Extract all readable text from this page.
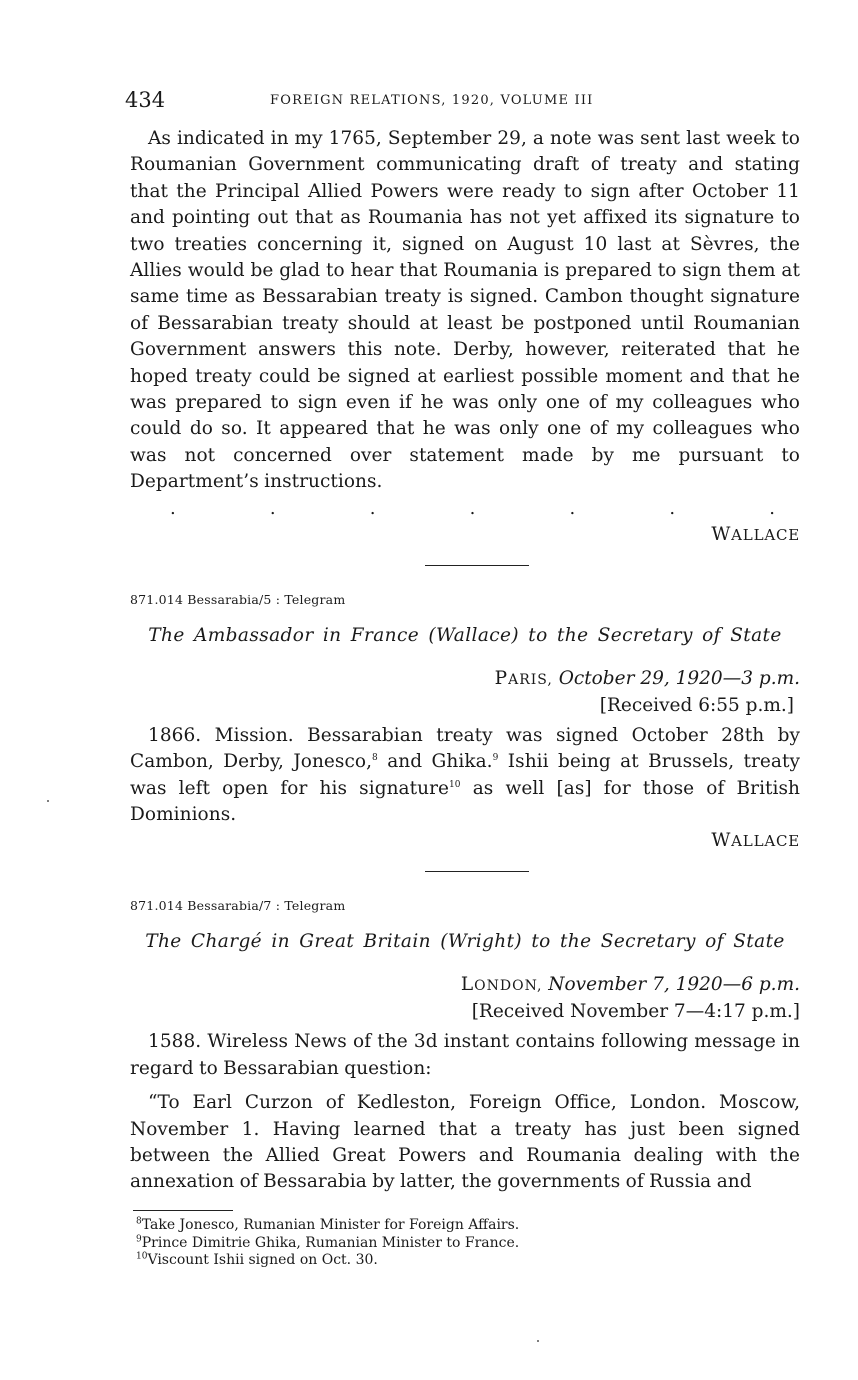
434	FOREIGN RELATIONS, 1920, VOLUME III

As indicated in my 1765, September 29, a note was sent last week to Roumanian Government communicating draft of treaty and stating that the Principal Allied Powers were ready to sign after October 11 and pointing out that as Roumania has not yet affixed its signature to two treaties concerning it, signed on August 10 last at Sèvres, the Allies would be glad to hear that Roumania is prepared to sign them at same time as Bessarabian treaty is signed. Cambon thought signature of Bessarabian treaty should at least be postponed until Roumanian Government answers this note. Derby, however, reiterated that he hoped treaty could be signed at earliest possible moment and that he was prepared to sign even if he was only one of my colleagues who could do so. It appeared that he was only one of my colleagues who was not concerned over statement made by me pursuant to Department’s instructions.

.	.	.	.	.	.	.
WALLACE
871.014 Bessarabia/5 : Telegram
The Ambassador in France (Wallace) to the Secretary of State
PARIS, October 29, 1920—3 p.m.
[Received 6:55 p.m.]

1866. Mission. Bessarabian treaty was signed October 28th by Cambon, Derby, Jonesco,$^8$ and Ghika.$^9$ Ishii being at Brussels, treaty was left open for his signature$^{10}$ as well [as] for those of British Dominions.

WALLACE
871.014 Bessarabia/7 : Telegram
The Chargé in Great Britain (Wright) to the Secretary of State
LONDON, November 7, 1920—6 p.m.
[Received November 7—4:17 p.m.]

1588. Wireless News of the 3d instant contains following message in regard to Bessarabian question:

“To Earl Curzon of Kedleston, Foreign Office, London. Moscow, November 1. Having learned that a treaty has just been signed between the Allied Great Powers and Roumania dealing with the annexation of Bessarabia by latter, the governments of Russia and

$^8$Take Jonesco, Rumanian Minister for Foreign Affairs.
$^9$Prince Dimitrie Ghika, Rumanian Minister to France.
$^{10}$Viscount Ishii signed on Oct. 30.
